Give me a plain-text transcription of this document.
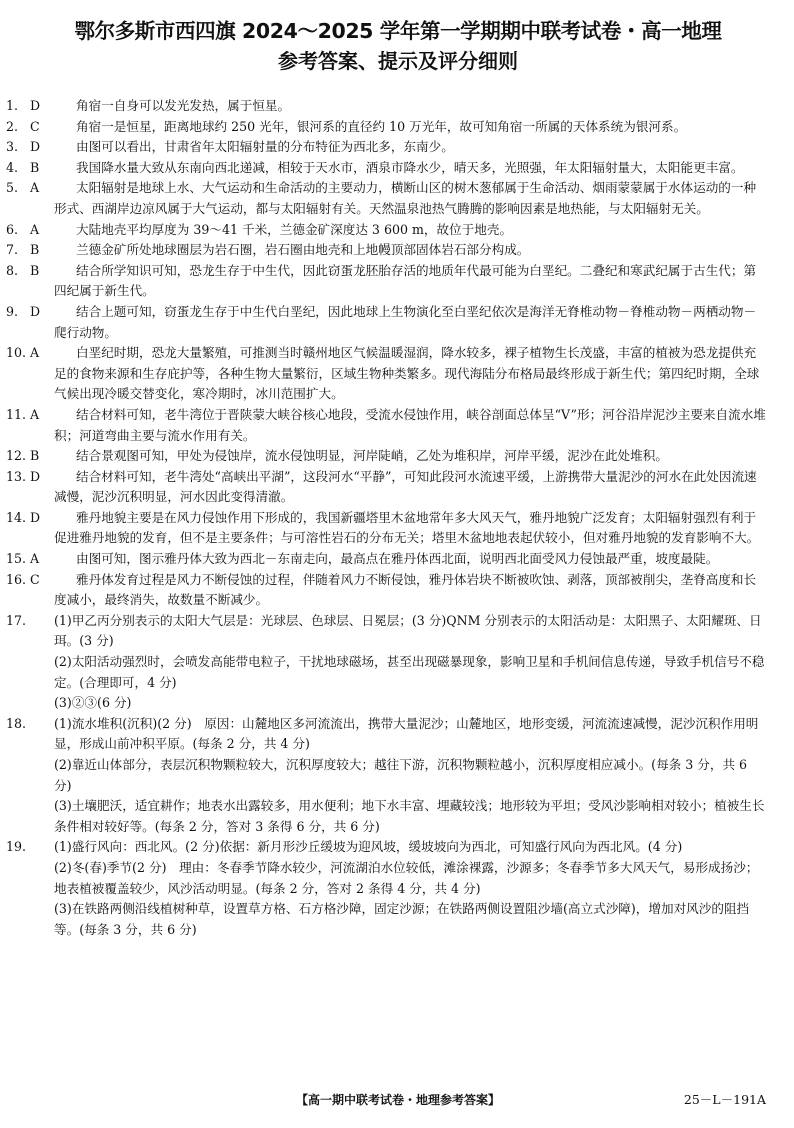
鄂尔多斯市西四旗 2024～2025 学年第一学期期中联考试卷・高一地理
参考答案、提示及评分细则

1. D	角宿一自身可以发光发热，属于恒星。

2. C	角宿一是恒星，距离地球约 250 光年，银河系的直径约 10 万光年，故可知角宿一所属的天体系统为银河系。

3. D	由图可以看出，甘肃省年太阳辐射量的分布特征为西北多，东南少。

4. B	我国降水量大致从东南向西北递减，相较于天水市，酒泉市降水少，晴天多，光照强，年太阳辐射量大，太阳能更丰富。

5. A	太阳辐射是地球上水、大气运动和生命活动的主要动力，横断山区的树木葱郁属于生命活动、烟雨蒙蒙属于水体运动的一种形式、西湖岸边凉风属于大气运动，都与太阳辐射有关。天然温泉池热气腾腾的影响因素是地热能，与太阳辐射无关。

6. A	大陆地壳平均厚度为 39～41 千米，兰德金矿深度达 3 600 m，故位于地壳。

7. B	兰德金矿所处地球圈层为岩石圈，岩石圈由地壳和上地幔顶部固体岩石部分构成。

8. B	结合所学知识可知，恐龙生存于中生代，因此窃蛋龙胚胎存活的地质年代最可能为白垩纪。二叠纪和寒武纪属于古生代；第四纪属于新生代。

9. D	结合上题可知，窃蛋龙生存于中生代白垩纪，因此地球上生物演化至白垩纪依次是海洋无脊椎动物－脊椎动物－两栖动物－爬行动物。

10. A	白垩纪时期，恐龙大量繁殖，可推测当时赣州地区气候温暖湿润，降水较多，裸子植物生长茂盛，丰富的植被为恐龙提供充足的食物来源和生存庇护等，各种生物大量繁衍，区域生物种类繁多。现代海陆分布格局最终形成于新生代；第四纪时期，全球气候出现冷暖交替变化，寒冷期时，冰川范围扩大。

11. A	结合材料可知，老牛湾位于晋陕蒙大峡谷核心地段，受流水侵蚀作用，峡谷剖面总体呈“V”形；河谷沿岸泥沙主要来自流水堆积；河道弯曲主要与流水作用有关。

12. B	结合景观图可知，甲处为侵蚀岸，流水侵蚀明显，河岸陡峭，乙处为堆积岸，河岸平缓，泥沙在此处堆积。

13. D	结合材料可知，老牛湾处“高峡出平湖”，这段河水“平静”，可知此段河水流速平缓，上游携带大量泥沙的河水在此处因流速减慢，泥沙沉积明显，河水因此变得清澈。

14. D	雅丹地貌主要是在风力侵蚀作用下形成的，我国新疆塔里木盆地常年多大风天气，雅丹地貌广泛发育；太阳辐射强烈有利于促进雅丹地貌的发育，但不是主要条件；与可溶性岩石的分布无关；塔里木盆地地表起伏较小，但对雅丹地貌的发育影响不大。

15. A	由图可知，图示雅丹体大致为西北－东南走向，最高点在雅丹体西北面，说明西北面受风力侵蚀最严重，坡度最陡。

16. C	雅丹体发育过程是风力不断侵蚀的过程，伴随着风力不断侵蚀，雅丹体岩块不断被吹蚀、剥落，顶部被削尖，垄脊高度和长度减小，最终消失，故数量不断减少。

17. (1)甲乙丙分别表示的太阳大气层是：光球层、色球层、日冕层；(3 分)QNM 分别表示的太阳活动是：太阳黑子、太阳耀斑、日珥。(3 分)

(2)太阳活动强烈时，会喷发高能带电粒子，干扰地球磁场，甚至出现磁暴现象，影响卫星和手机间信息传递，导致手机信号不稳定。(合理即可，4 分)

(3)②③(6 分)

18. (1)流水堆积(沉积)(2 分)　原因：山麓地区多河流流出，携带大量泥沙；山麓地区，地形变缓，河流流速减慢，泥沙沉积作用明显，形成山前冲积平原。(每条 2 分，共 4 分)

(2)靠近山体部分，表层沉积物颗粒较大，沉积厚度较大；越往下游，沉积物颗粒越小，沉积厚度相应减小。(每条 3 分，共 6 分)

(3)土壤肥沃，适宜耕作；地表水出露较多，用水便利；地下水丰富、埋藏较浅；地形较为平坦；受风沙影响相对较小；植被生长条件相对较好等。(每条 2 分，答对 3 条得 6 分，共 6 分)

19. (1)盛行风向：西北风。(2 分)依据：新月形沙丘缓坡为迎风坡，缓坡坡向为西北，可知盛行风向为西北风。(4 分)

(2)冬(春)季节(2 分)　理由：冬春季节降水较少，河流湖泊水位较低，滩涂裸露，沙源多；冬春季节多大风天气，易形成扬沙；地表植被覆盖较少，风沙活动明显。(每条 2 分，答对 2 条得 4 分，共 4 分)

(3)在铁路两侧沿线植树种草，设置草方格、石方格沙障，固定沙源；在铁路两侧设置阻沙墙(高立式沙障)，增加对风沙的阻挡等。(每条 3 分，共 6 分)

【高一期中联考试卷・地理参考答案】	25－L－191A
